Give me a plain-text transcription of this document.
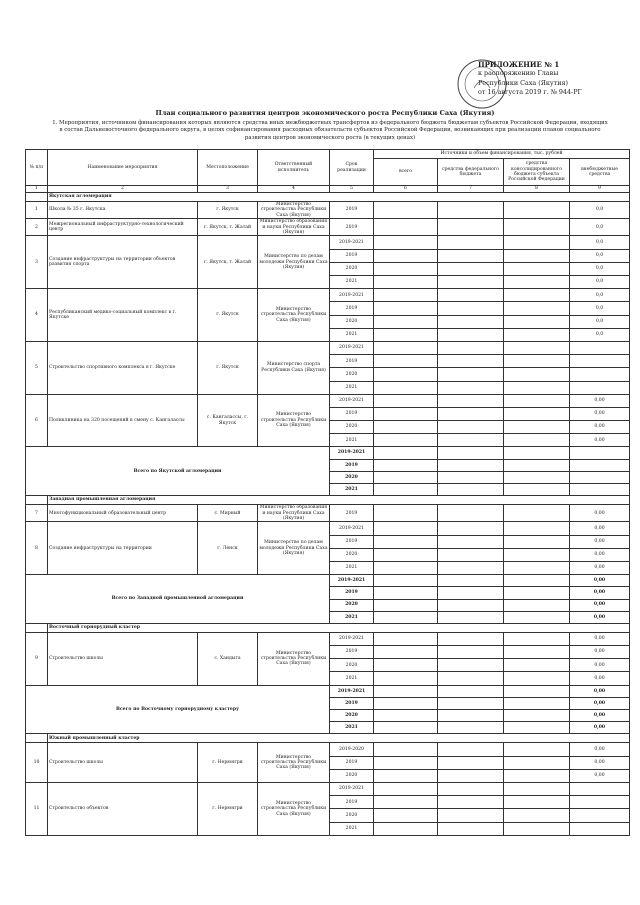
ПРИЛОЖЕНИЕ № 1
к распоряжению Главы
Республики Саха (Якутия)
от 16 августа 2019 г. № 944-РГ
План социального развития центров экономического роста Республики Саха (Якутия)
1. Мероприятия, источником финансирования которых являются средства иных межбюджетных трансфертов из федерального бюджета бюджетам субъектов Российской Федерации, входящих в состав Дальневосточного федерального округа, в целях софинансирования расходных обязательств субъектов Российской Федерации, возникающих при реализации планов социального развития центров экономического роста (в текущих ценах)
№ п/п	Наименование мероприятия	Местоположение	Ответственный исполнитель	Срок реализации	Источники и объем финансирования, тыс. рублей			
					всего	средства федерального бюджета	средства консолидированного бюджета субъекта Российской Федерации	внебюджетные средства
1	2	3	4	5	6	7	8	9
	Якутская агломерация							
1	Школа № 35 г. Якутска	г. Якутск	Министерство строительства Республики Саха (Якутия)	2019				0,0
2	Межрегиональный инфраструктурно-технологический центр	г. Якутск, г. Жатай	Министерство образования и науки Республики Саха (Якутия)	2019				0,0
3	Создание инфраструктуры на территории объектов развития спорта	г. Якутск, г. Жатай	Министерство по делам молодежи Республики Саха (Якутия)	2019-2021				0,0
				2019				0,0
				2020				0,0
				2021				0,0
4	Республиканский медико-социальный комплекс в г. Якутске	г. Якутск	Министерство строительства Республики Саха (Якутия)	2019-2021				0,0
				2019				0,0
				2020				0,0
				2021				0,0
5	Строительство спортивного комплекса в г. Якутске	г. Якутск	Министерство спорта Республики Саха (Якутия)	2019-2021				
				2019				
				2020				
				2021				
6	Поликлиника на 320 посещений в смену с. Кангалассы	с. Кангалассы, г. Якутск	Министерство строительства Республики Саха (Якутия)	2019-2021				0,00
				2019				0,00
				2020				0,00
				2021				0,00
Всего по Якутской агломерации				2019-2021				
				2019				
				2020				
				2021				
	Западная промышленная агломерация							
7	Многофункциональный образовательный центр	с. Мирный	Министерство образования и науки Республики Саха (Якутия)	2019				0,00
8	Создание инфраструктуры на территории	г. Ленск	Министерство по делам молодежи Республики Саха (Якутия)	2019-2021				0,00
				2019				0,00
				2020				0,00
				2021				0,00
Всего по Западной промышленной агломерации				2019-2021				0,00
				2019				0,00
				2020				0,00
				2021				0,00
	Восточный горнорудный кластер							
9	Строительство школы	с. Хандыга	Министерство строительства Республики Саха (Якутия)	2019-2021				0,00
				2019				0,00
				2020				0,00
				2021				0,00
Всего по Восточному горнорудному кластеру				2019-2021				0,00
				2019				0,00
				2020				0,00
				2021				0,00
	Южный промышленный кластер							
10	Строительство школы	г. Нерюнгри	Министерство строительства Республики Саха (Якутия)	2019-2020				0,00
				2019				0,00
				2020				0,00
11	Строительство объектов	г. Нерюнгри	Министерство строительства Республики Саха (Якутия)	2019-2021				
				2019				
				2020				
				2021				
